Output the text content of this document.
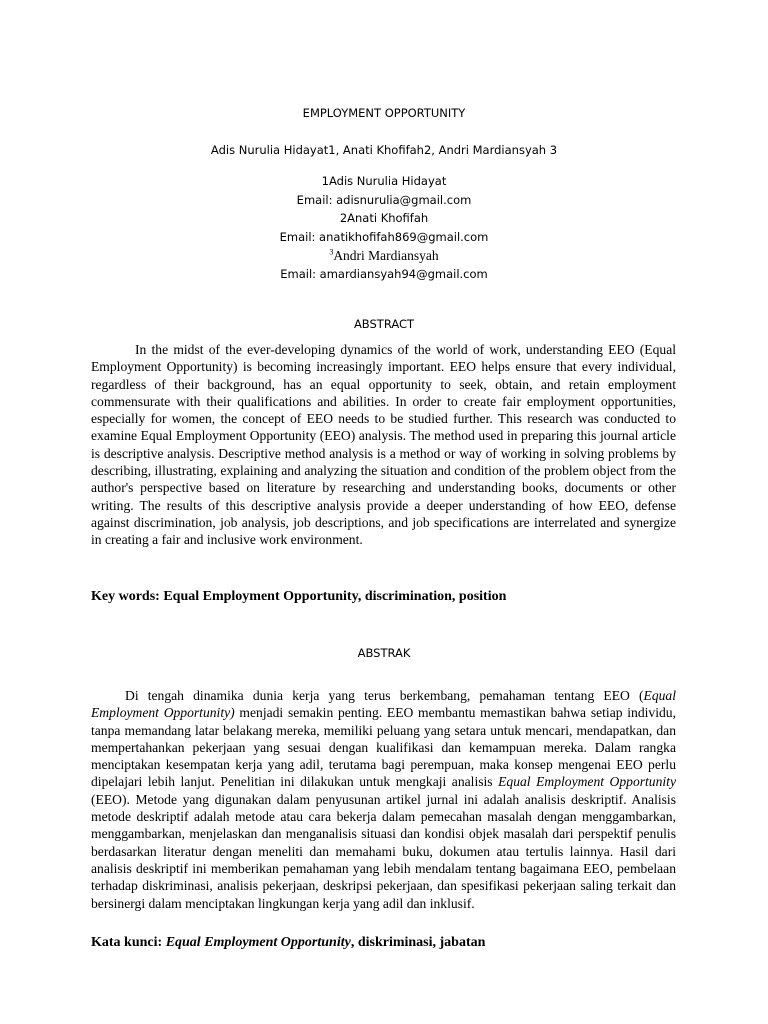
EMPLOYMENT OPPORTUNITY
Adis Nurulia Hidayat1, Anati Khofifah2, Andri Mardiansyah 3
1Adis Nurulia Hidayat
Email: adisnurulia@gmail.com
2Anati Khofifah
Email: anatikhofifah869@gmail.com
$^3$Andri Mardiansyah
Email: amardiansyah94@gmail.com
ABSTRACT

In the midst of the ever-developing dynamics of the world of work, understanding EEO (Equal Employment Opportunity) is becoming increasingly important. EEO helps ensure that every individual, regardless of their background, has an equal opportunity to seek, obtain, and retain employment commensurate with their qualifications and abilities. In order to create fair employment opportunities, especially for women, the concept of EEO needs to be studied further. This research was conducted to examine Equal Employment Opportunity (EEO) analysis. The method used in preparing this journal article is descriptive analysis. Descriptive method analysis is a method or way of working in solving problems by describing, illustrating, explaining and analyzing the situation and condition of the problem object from the author's perspective based on literature by researching and understanding books, documents or other writing. The results of this descriptive analysis provide a deeper understanding of how EEO, defense against discrimination, job analysis, job descriptions, and job specifications are interrelated and synergize in creating a fair and inclusive work environment.

Key words: Equal Employment Opportunity, discrimination, position
ABSTRAK

Di tengah dinamika dunia kerja yang terus berkembang, pemahaman tentang EEO (Equal Employment Opportunity) menjadi semakin penting. EEO membantu memastikan bahwa setiap individu, tanpa memandang latar belakang mereka, memiliki peluang yang setara untuk mencari, mendapatkan, dan mempertahankan pekerjaan yang sesuai dengan kualifikasi dan kemampuan mereka. Dalam rangka menciptakan kesempatan kerja yang adil, terutama bagi perempuan, maka konsep mengenai EEO perlu dipelajari lebih lanjut. Penelitian ini dilakukan untuk mengkaji analisis Equal Employment Opportunity (EEO). Metode yang digunakan dalam penyusunan artikel jurnal ini adalah analisis deskriptif. Analisis metode deskriptif adalah metode atau cara bekerja dalam pemecahan masalah dengan menggambarkan, menggambarkan, menjelaskan dan menganalisis situasi dan kondisi objek masalah dari perspektif penulis berdasarkan literatur dengan meneliti dan memahami buku, dokumen atau tertulis lainnya. Hasil dari analisis deskriptif ini memberikan pemahaman yang lebih mendalam tentang bagaimana EEO, pembelaan terhadap diskriminasi, analisis pekerjaan, deskripsi pekerjaan, dan spesifikasi pekerjaan saling terkait dan bersinergi dalam menciptakan lingkungan kerja yang adil dan inklusif.

Kata kunci: Equal Employment Opportunity, diskriminasi, jabatan
